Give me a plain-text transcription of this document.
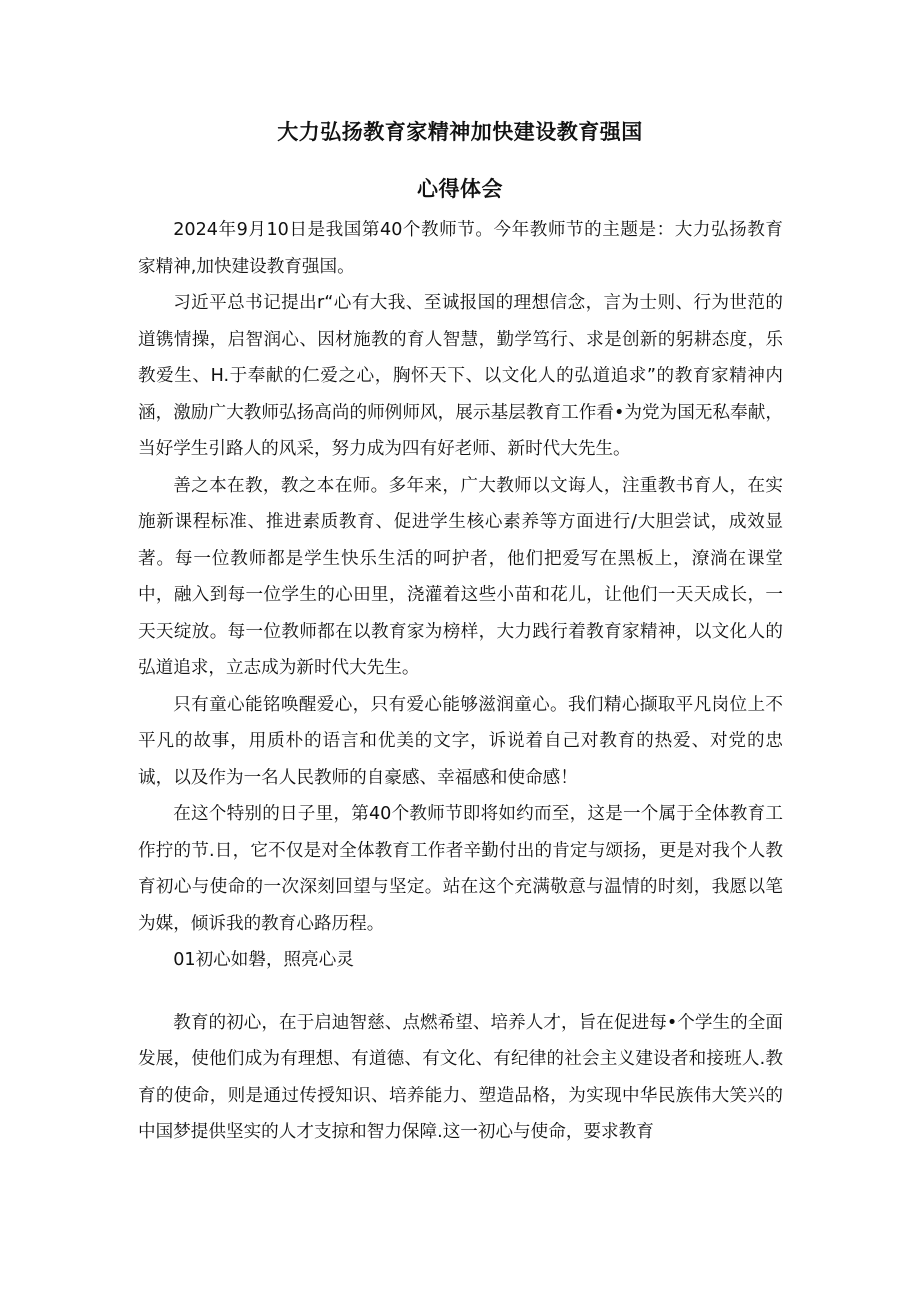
大力弘扬教育家精神加快建设教育强国
心得体会

2024年9月10日是我国第40个教师节。今年教师节的主题是：大力弘扬教育家精神,加快建设教育强国。

习近平总书记提出r“心有大我、至诚报国的理想信念，言为士则、行为世范的道镌情操，启智润心、因材施教的育人智慧，勤学笃行、求是创新的躬耕态度，乐教爱生、H.于奉献的仁爱之心，胸怀天下、以文化人的弘道追求”的教育家精神内涵，激励广大教师弘扬高尚的师例师风，展示基层教育工作看•为党为国无私奉献，当好学生引路人的风采，努力成为四有好老师、新时代大先生。

善之本在教，教之本在师。多年来，广大教师以文诲人，注重教书育人，在实施新课程标准、推进素质教育、促进学生核心素养等方面进行/大胆尝试，成效显著。每一位教师都是学生快乐生活的呵护者，他们把爱写在黑板上，潦淌在课堂中，融入到每一位学生的心田里，浇灌着这些小苗和花儿，让他们一天天成长，一天天绽放。每一位教师都在以教育家为榜样，大力践行着教育家精神，以文化人的弘道追求，立志成为新时代大先生。

只有童心能铭唤醒爱心，只有爱心能够滋润童心。我们精心撷取平凡岗位上不平凡的故事，用质朴的语言和优美的文字，诉说着自己对教育的热爱、对党的忠诚，以及作为一名人民教师的自豪感、幸福感和使命感！

在这个特别的日子里，第40个教师节即将如约而至，这是一个属于全体教育工作拧的节.日，它不仅是对全体教育工作者辛勤付出的肯定与颂扬，更是对我个人教育初心与使命的一次深刻回望与坚定。站在这个充满敬意与温情的时刻，我愿以笔为媒，倾诉我的教育心路历程。

01初心如磐，照亮心灵

教育的初心，在于启迪智慈、点燃希望、培养人才，旨在促进每•个学生的全面发展，使他们成为有理想、有道德、有文化、有纪律的社会主义建设者和接班人.教育的使命，则是通过传授知识、培养能力、塑造品格，为实现中华民族伟大笑兴的中国梦提供坚实的人才支掠和智力保障.这一初心与使命，要求教育
